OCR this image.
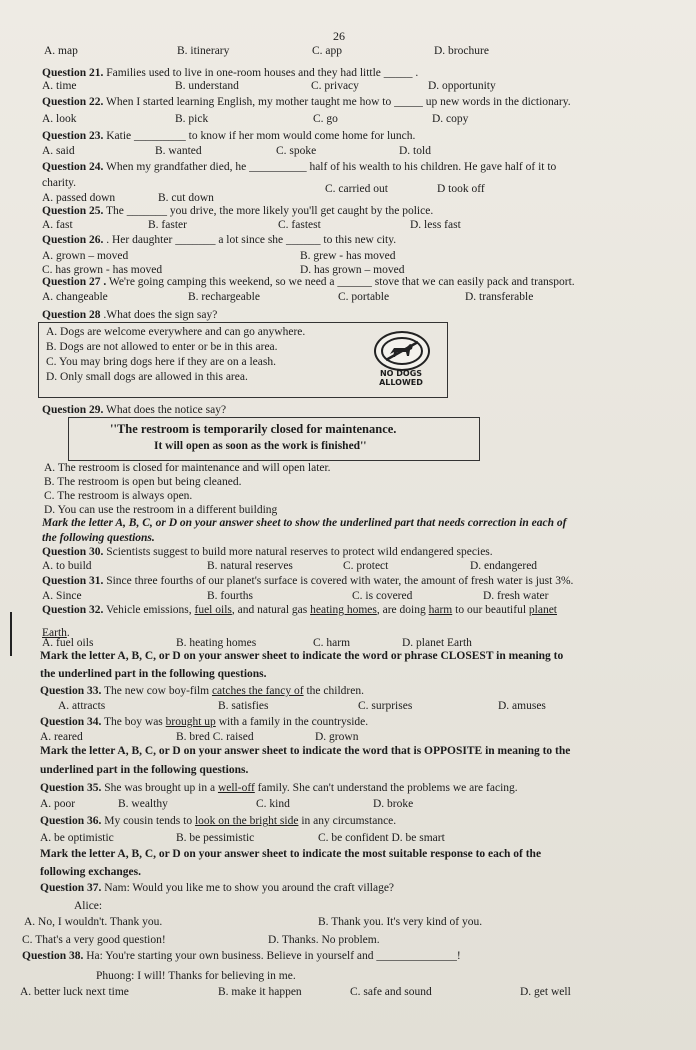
26
A. map	B. itinerary	C. app	D. brochure
Question 21. Families used to live in one-room houses and they had little _____ .
A. time	B. understand	C. privacy	D. opportunity
Question 22. When I started learning English, my mother taught me how to _____ up new words in the dictionary.
A. look	B. pick	C. go	D. copy
Question 23. Katie _________ to know if her mom would come home for lunch.
A. said	B. wanted	C. spoke	D. told
Question 24. When my grandfather died, he __________ half of his wealth to his children. He gave half of it to
charity.	C. carried out	D took off
A. passed down	B. cut down
Question 25. The _______ you drive, the more likely you'll get caught by the police.
A. fast	B. faster	C. fastest	D. less fast
Question 26. . Her daughter _______ a lot since she ______ to this new city.
A. grown – moved	B. grew - has moved
C. has grown - has moved	D. has grown – moved
Question 27 . We're going camping this weekend, so we need a ______ stove that we can easily pack and transport.
A. changeable	B. rechargeable	C. portable	D. transferable
Question 28 .What does the sign say?
A. Dogs are welcome everywhere and can go anywhere.
B. Dogs are not allowed to enter or be in this area.
C. You may bring dogs here if they are on a leash.
D. Only small dogs are allowed in this area.
Question 29. What does the notice say?
A. The restroom is closed for maintenance and will open later.
B. The restroom is open but being cleaned.
C. The restroom is always open.
D. You can use the restroom in a different building
Mark the letter A, B, C, or D on your answer sheet to show the underlined part that needs correction in each of
the following questions.
Question 30. Scientists suggest to build more natural reserves to protect wild endangered species.
A. to build	B. natural reserves	C. protect	D. endangered
Question 31. Since three fourths of our planet's surface is covered with water, the amount of fresh water is just 3%.
A. Since	B. fourths	C. is covered	D. fresh water
Question 32. Vehicle emissions, fuel oils, and natural gas heating homes, are doing harm to our beautiful planet
Earth.
A. fuel oils	B. heating homes	C. harm	D. planet Earth
Mark the letter A, B, C, or D on your answer sheet to indicate the word or phrase CLOSEST in meaning to
the underlined part in the following questions.
Question 33. The new cow boy-film catches the fancy of the children.
A. attracts	B. satisfies	C. surprises	D. amuses
Question 34. The boy was brought up with a family in the countryside.
A. reared	B. bred C. raised	D. grown
Mark the letter A, B, C, or D on your answer sheet to indicate the word that is OPPOSITE in meaning to the
underlined part in the following questions.
Question 35. She was brought up in a well-off family. She can't understand the problems we are facing.
A. poor	B. wealthy	C. kind	D. broke
Question 36. My cousin tends to look on the bright side in any circumstance.
A. be optimistic	B. be pessimistic	C. be confident D. be smart
Mark the letter A, B, C, or D on your answer sheet to indicate the most suitable response to each of the
following exchanges.
Question 37. Nam: Would you like me to show you around the craft village?
Alice:
A. No, I wouldn't. Thank you.	B. Thank you. It's very kind of you.
C. That's a very good question!	D. Thanks. No problem.
Question 38. Ha: You're starting your own business. Believe in yourself and ______________!
Phuong: I will! Thanks for believing in me.
A. better luck next time	B. make it happen	C. safe and sound	D. get well
NO DOGS
ALLOWED
''The restroom is temporarily closed for maintenance.
It will open as soon as the work is finished''
